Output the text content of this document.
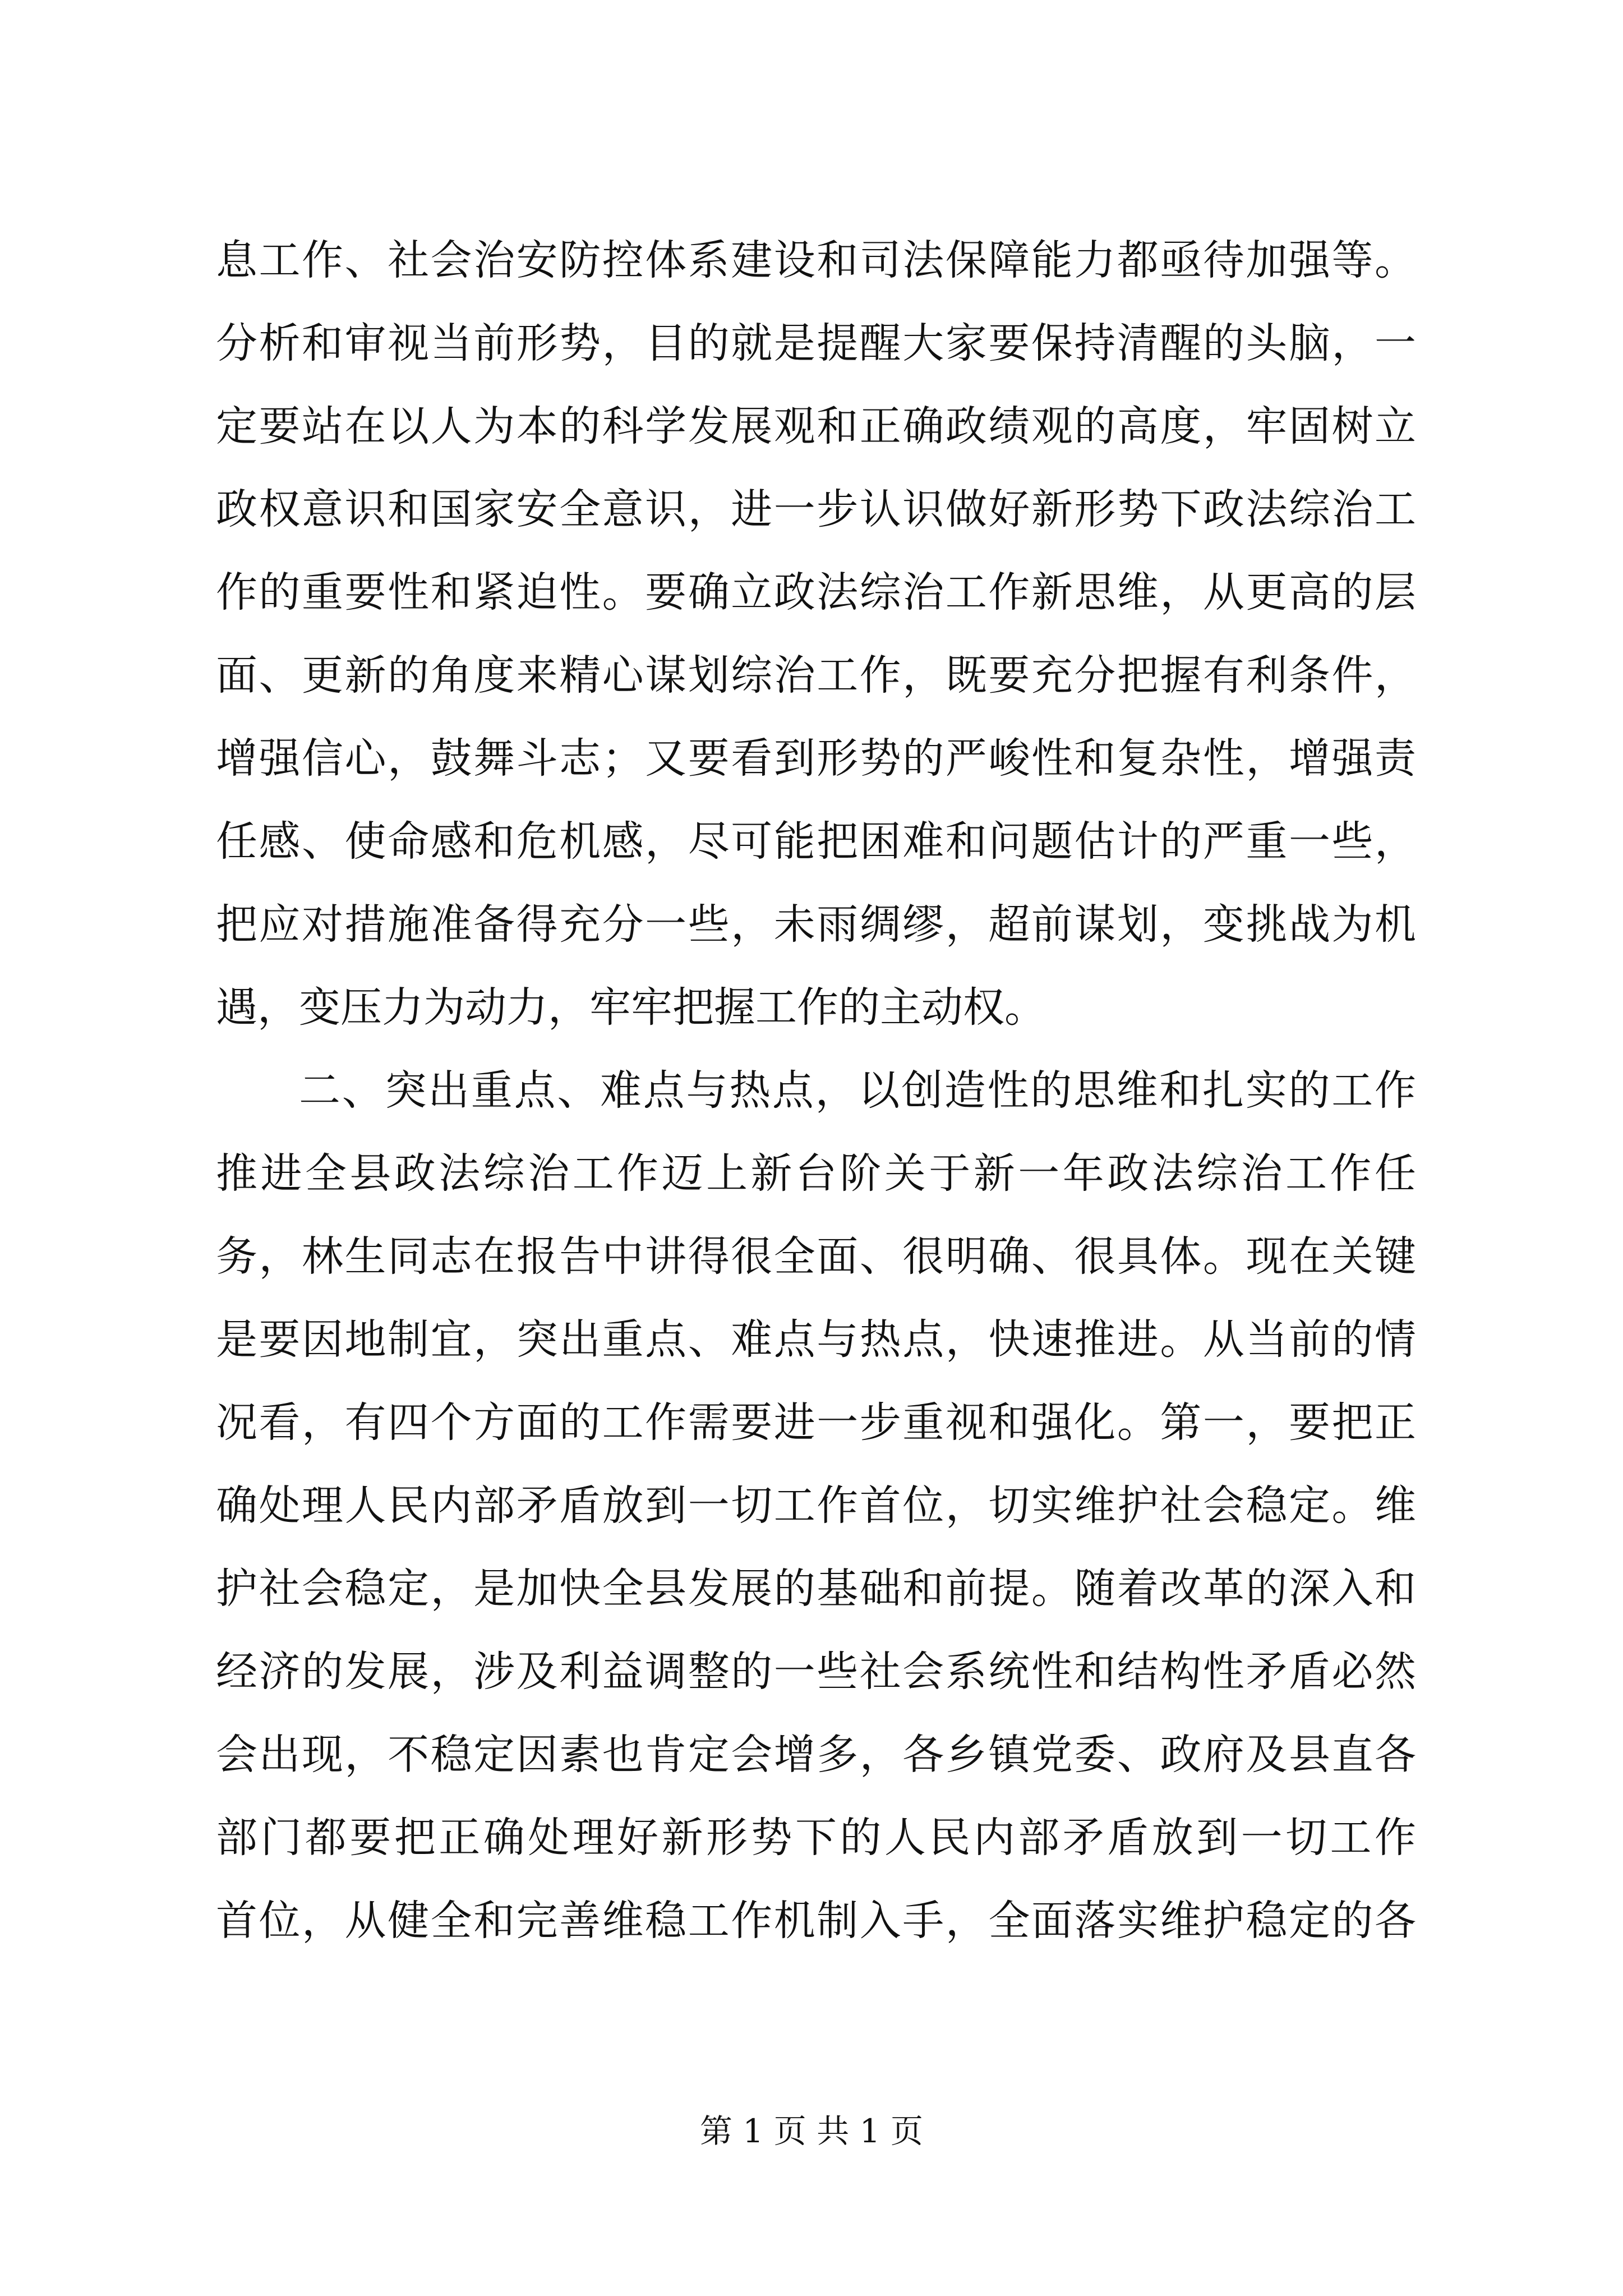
息工作、社会治安防控体系建设和司法保障能力都亟待加强等。
分析和审视当前形势，目的就是提醒大家要保持清醒的头脑，一
定要站在以人为本的科学发展观和正确政绩观的高度，牢固树立
政权意识和国家安全意识，进一步认识做好新形势下政法综治工
作的重要性和紧迫性。要确立政法综治工作新思维，从更高的层
面、更新的角度来精心谋划综治工作，既要充分把握有利条件，
增强信心，鼓舞斗志；又要看到形势的严峻性和复杂性，增强责
任感、使命感和危机感，尽可能把困难和问题估计的严重一些，
把应对措施准备得充分一些，未雨绸缪，超前谋划，变挑战为机
遇，变压力为动力，牢牢把握工作的主动权。
二、突出重点、难点与热点，以创造性的思维和扎实的工作
推进全县政法综治工作迈上新台阶关于新一年政法综治工作任
务，林生同志在报告中讲得很全面、很明确、很具体。现在关键
是要因地制宜，突出重点、难点与热点，快速推进。从当前的情
况看，有四个方面的工作需要进一步重视和强化。第一，要把正
确处理人民内部矛盾放到一切工作首位，切实维护社会稳定。维
护社会稳定，是加快全县发展的基础和前提。随着改革的深入和
经济的发展，涉及利益调整的一些社会系统性和结构性矛盾必然
会出现，不稳定因素也肯定会增多，各乡镇党委、政府及县直各
部门都要把正确处理好新形势下的人民内部矛盾放到一切工作
首位，从健全和完善维稳工作机制入手，全面落实维护稳定的各
第 1 页 共 1 页
